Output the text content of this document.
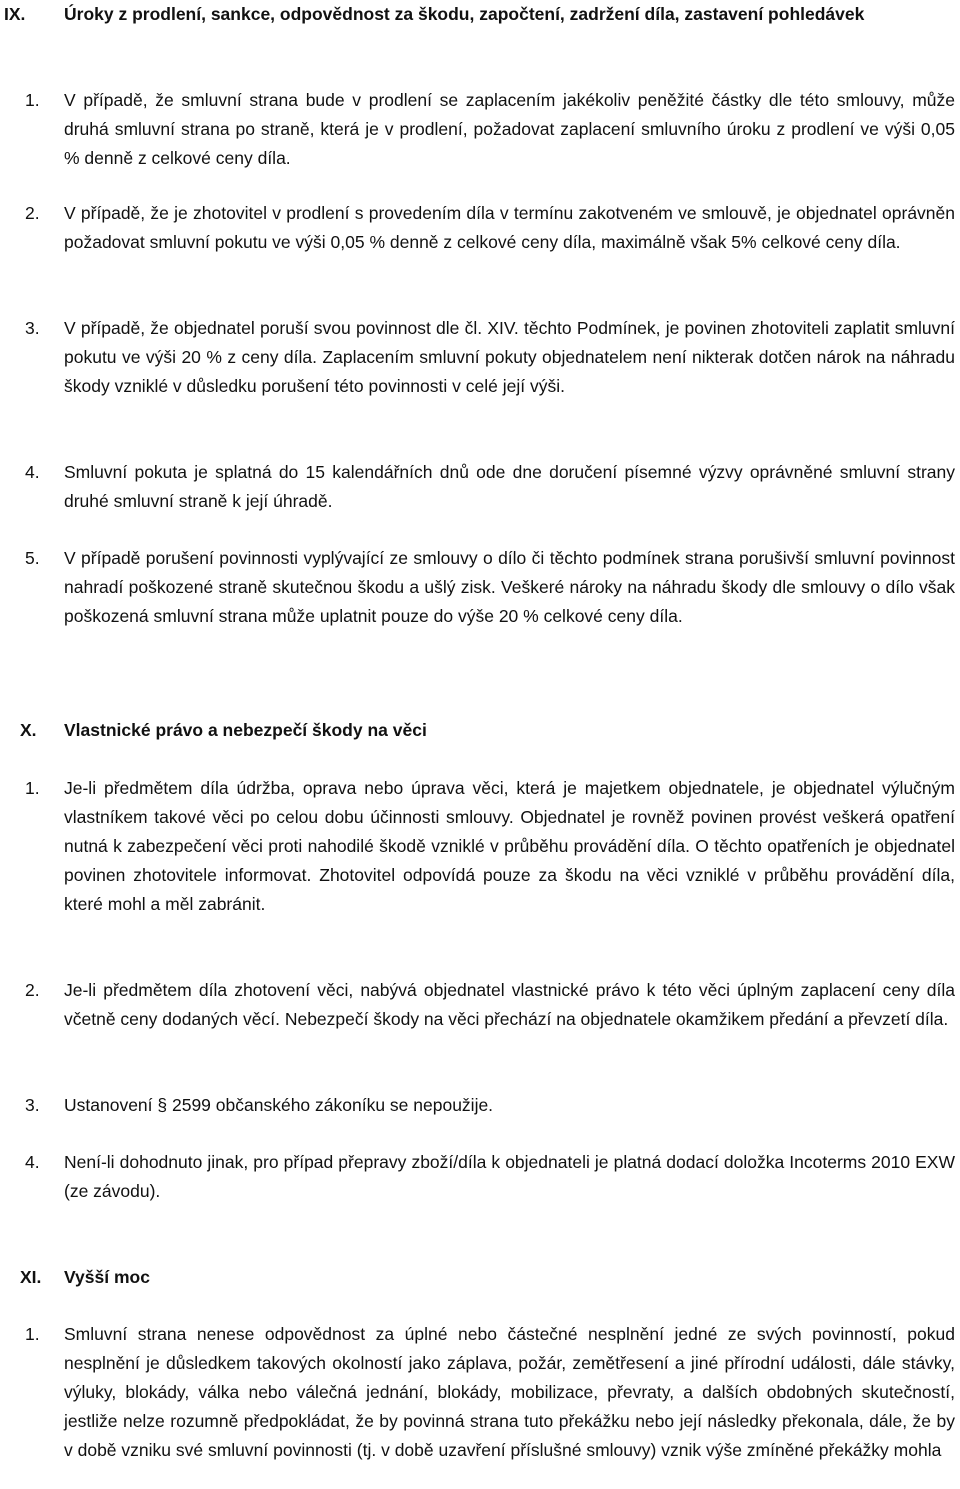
IX.	Úroky z prodlení, sankce, odpovědnost za škodu, započtení, zadržení díla, zastavení pohledávek
1.	V případě, že smluvní strana bude v prodlení se zaplacením jakékoliv peněžité částky dle této smlouvy, může druhá smluvní strana po straně, která je v prodlení, požadovat zaplacení smluvního úroku z prodlení ve výši 0,05 % denně z celkové ceny díla.
2.	V případě, že je zhotovitel v prodlení s provedením díla v termínu zakotveném ve smlouvě, je objednatel oprávněn požadovat smluvní pokutu ve výši 0,05 % denně z celkové ceny díla, maximálně však 5% celkové ceny díla.
3.	V případě, že objednatel poruší svou povinnost dle čl. XIV. těchto Podmínek, je povinen zhotoviteli zaplatit smluvní pokutu ve výši 20 % z ceny díla. Zaplacením smluvní pokuty objednatelem není nikterak dotčen nárok na náhradu škody vzniklé v důsledku porušení této povinnosti v celé její výši.
4.	Smluvní pokuta je splatná do 15 kalendářních dnů ode dne doručení písemné výzvy oprávněné smluvní strany druhé smluvní straně k její úhradě.
5.	V případě porušení povinnosti vyplývající ze smlouvy o dílo či těchto podmínek strana porušivší smluvní povinnost nahradí poškozené straně skutečnou škodu a ušlý zisk. Veškeré nároky na náhradu škody dle smlouvy o dílo však poškozená smluvní strana může uplatnit pouze do výše 20 % celkové ceny díla.
X.	Vlastnické právo a nebezpečí škody na věci
1.	Je-li předmětem díla údržba, oprava nebo úprava věci, která je majetkem objednatele, je objednatel výlučným vlastníkem takové věci po celou dobu účinnosti smlouvy. Objednatel je rovněž povinen provést veškerá opatření nutná k zabezpečení věci proti nahodilé škodě vzniklé v průběhu provádění díla. O těchto opatřeních je objednatel povinen zhotovitele informovat. Zhotovitel odpovídá pouze za škodu na věci vzniklé v průběhu provádění díla, které mohl a měl zabránit.
2.	Je-li předmětem díla zhotovení věci, nabývá objednatel vlastnické právo k této věci úplným zaplacení ceny díla včetně ceny dodaných věcí. Nebezpečí škody na věci přechází na objednatele okamžikem předání a převzetí díla.
3.	Ustanovení § 2599 občanského zákoníku se nepoužije.
4.	Není-li dohodnuto jinak, pro případ přepravy zboží/díla k objednateli je platná dodací doložka Incoterms 2010 EXW (ze závodu).
XI.	Vyšší moc
1.	Smluvní strana nenese odpovědnost za úplné nebo částečné nesplnění jedné ze svých povinností, pokud nesplnění je důsledkem takových okolností jako záplava, požár, zemětřesení a jiné přírodní události, dále stávky, výluky, blokády, válka nebo válečná jednání, blokády, mobilizace, převraty, a dalších obdobných skutečností, jestliže nelze rozumně předpokládat, že by povinná strana tuto překážku nebo její následky překonala, dále, že by v době vzniku své smluvní povinnosti (tj. v době uzavření příslušné smlouvy) vznik výše zmíněné překážky mohla
